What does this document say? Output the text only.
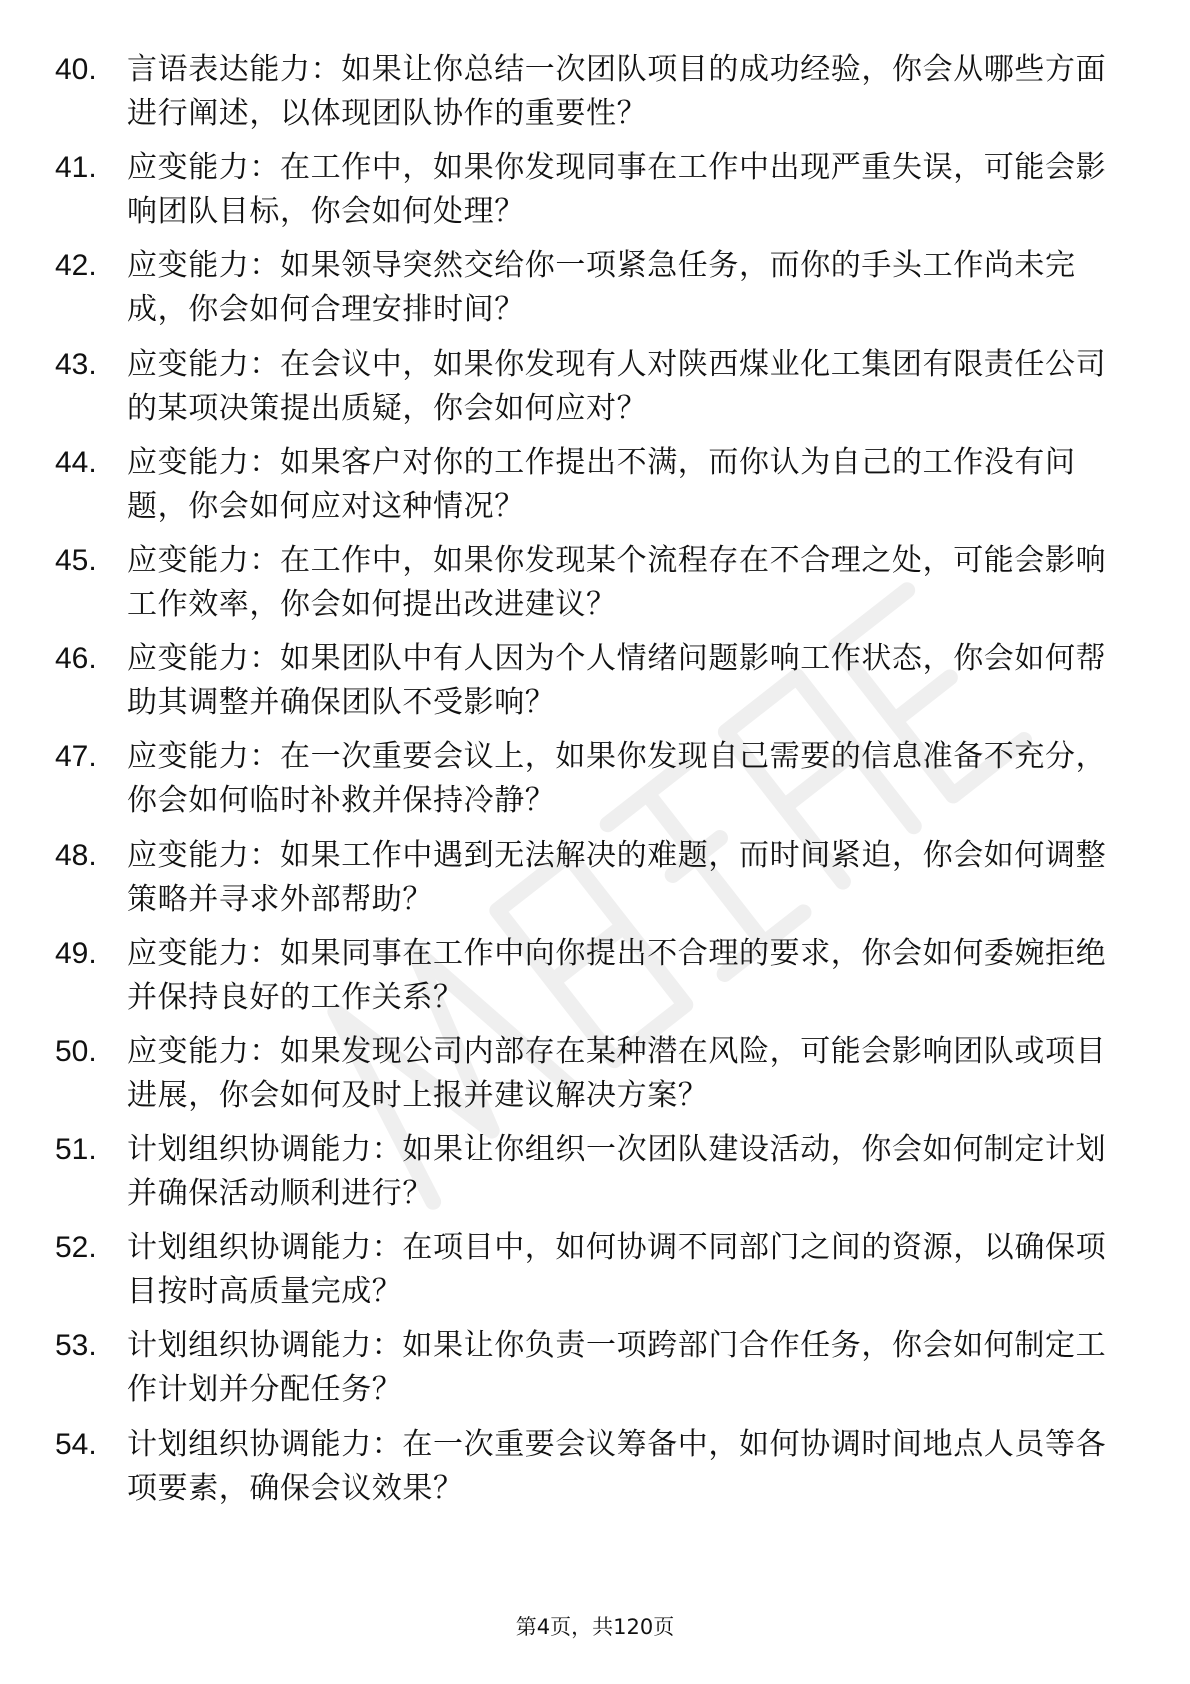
40.	言语表达能力：如果让你总结一次团队项目的成功经验，你会从哪些方面进行阐述，以体现团队协作的重要性？
41.	应变能力：在工作中，如果你发现同事在工作中出现严重失误，可能会影响团队目标，你会如何处理？
42.	应变能力：如果领导突然交给你一项紧急任务，而你的手头工作尚未完成，你会如何合理安排时间？
43.	应变能力：在会议中，如果你发现有人对陕西煤业化工集团有限责任公司的某项决策提出质疑，你会如何应对？
44.	应变能力：如果客户对你的工作提出不满，而你认为自己的工作没有问题，你会如何应对这种情况？
45.	应变能力：在工作中，如果你发现某个流程存在不合理之处，可能会影响工作效率，你会如何提出改进建议？
46.	应变能力：如果团队中有人因为个人情绪问题影响工作状态，你会如何帮助其调整并确保团队不受影响？
47.	应变能力：在一次重要会议上，如果你发现自己需要的信息准备不充分，你会如何临时补救并保持冷静？
48.	应变能力：如果工作中遇到无法解决的难题，而时间紧迫，你会如何调整策略并寻求外部帮助？
49.	应变能力：如果同事在工作中向你提出不合理的要求，你会如何委婉拒绝并保持良好的工作关系？
50.	应变能力：如果发现公司内部存在某种潜在风险，可能会影响团队或项目进展，你会如何及时上报并建议解决方案？
51.	计划组织协调能力：如果让你组织一次团队建设活动，你会如何制定计划并确保活动顺利进行？
52.	计划组织协调能力：在项目中，如何协调不同部门之间的资源，以确保项目按时高质量完成？
53.	计划组织协调能力：如果让你负责一项跨部门合作任务，你会如何制定工作计划并分配任务？
54.	计划组织协调能力：在一次重要会议筹备中，如何协调时间地点人员等各项要素，确保会议效果？
第4页，共120页
